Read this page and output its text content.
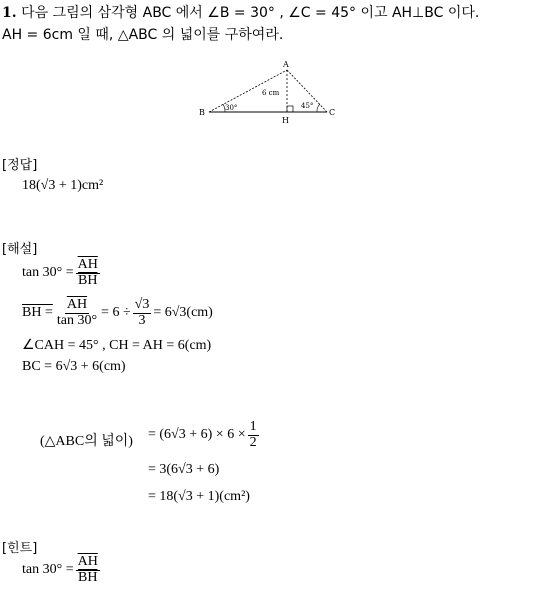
1. 다음 그림의 삼각형 ABC 에서 ∠B = 30° , ∠C = 45° 이고 AH⊥BC 이다.
AH = 6cm 일 때, △ABC 의 넓이를 구하여라.
A
B	C
H
30°	45°
6 cm
[정답]
18(√3 + 1)cm²
[해설]
$\tan 30^\circ = \frac{\overline{AH}}{BH}$
BH = $\frac{\overline{AH}}{\tan 30^\circ} = 6 \div \frac{√3}{3} = 6√3(cm)$
∠CAH = 45° , CH = AH = 6(cm)
BC = 6√3 + 6(cm)
(△ABC의 넓이) = $(6√3 + 6) \times 6 \times \frac{1}{2}$
= 3(6√3 + 6)
= 18(√3 + 1)(cm²)
[힌트]
$\tan 30^\circ = \frac{\overline{AH}}{BH}$
